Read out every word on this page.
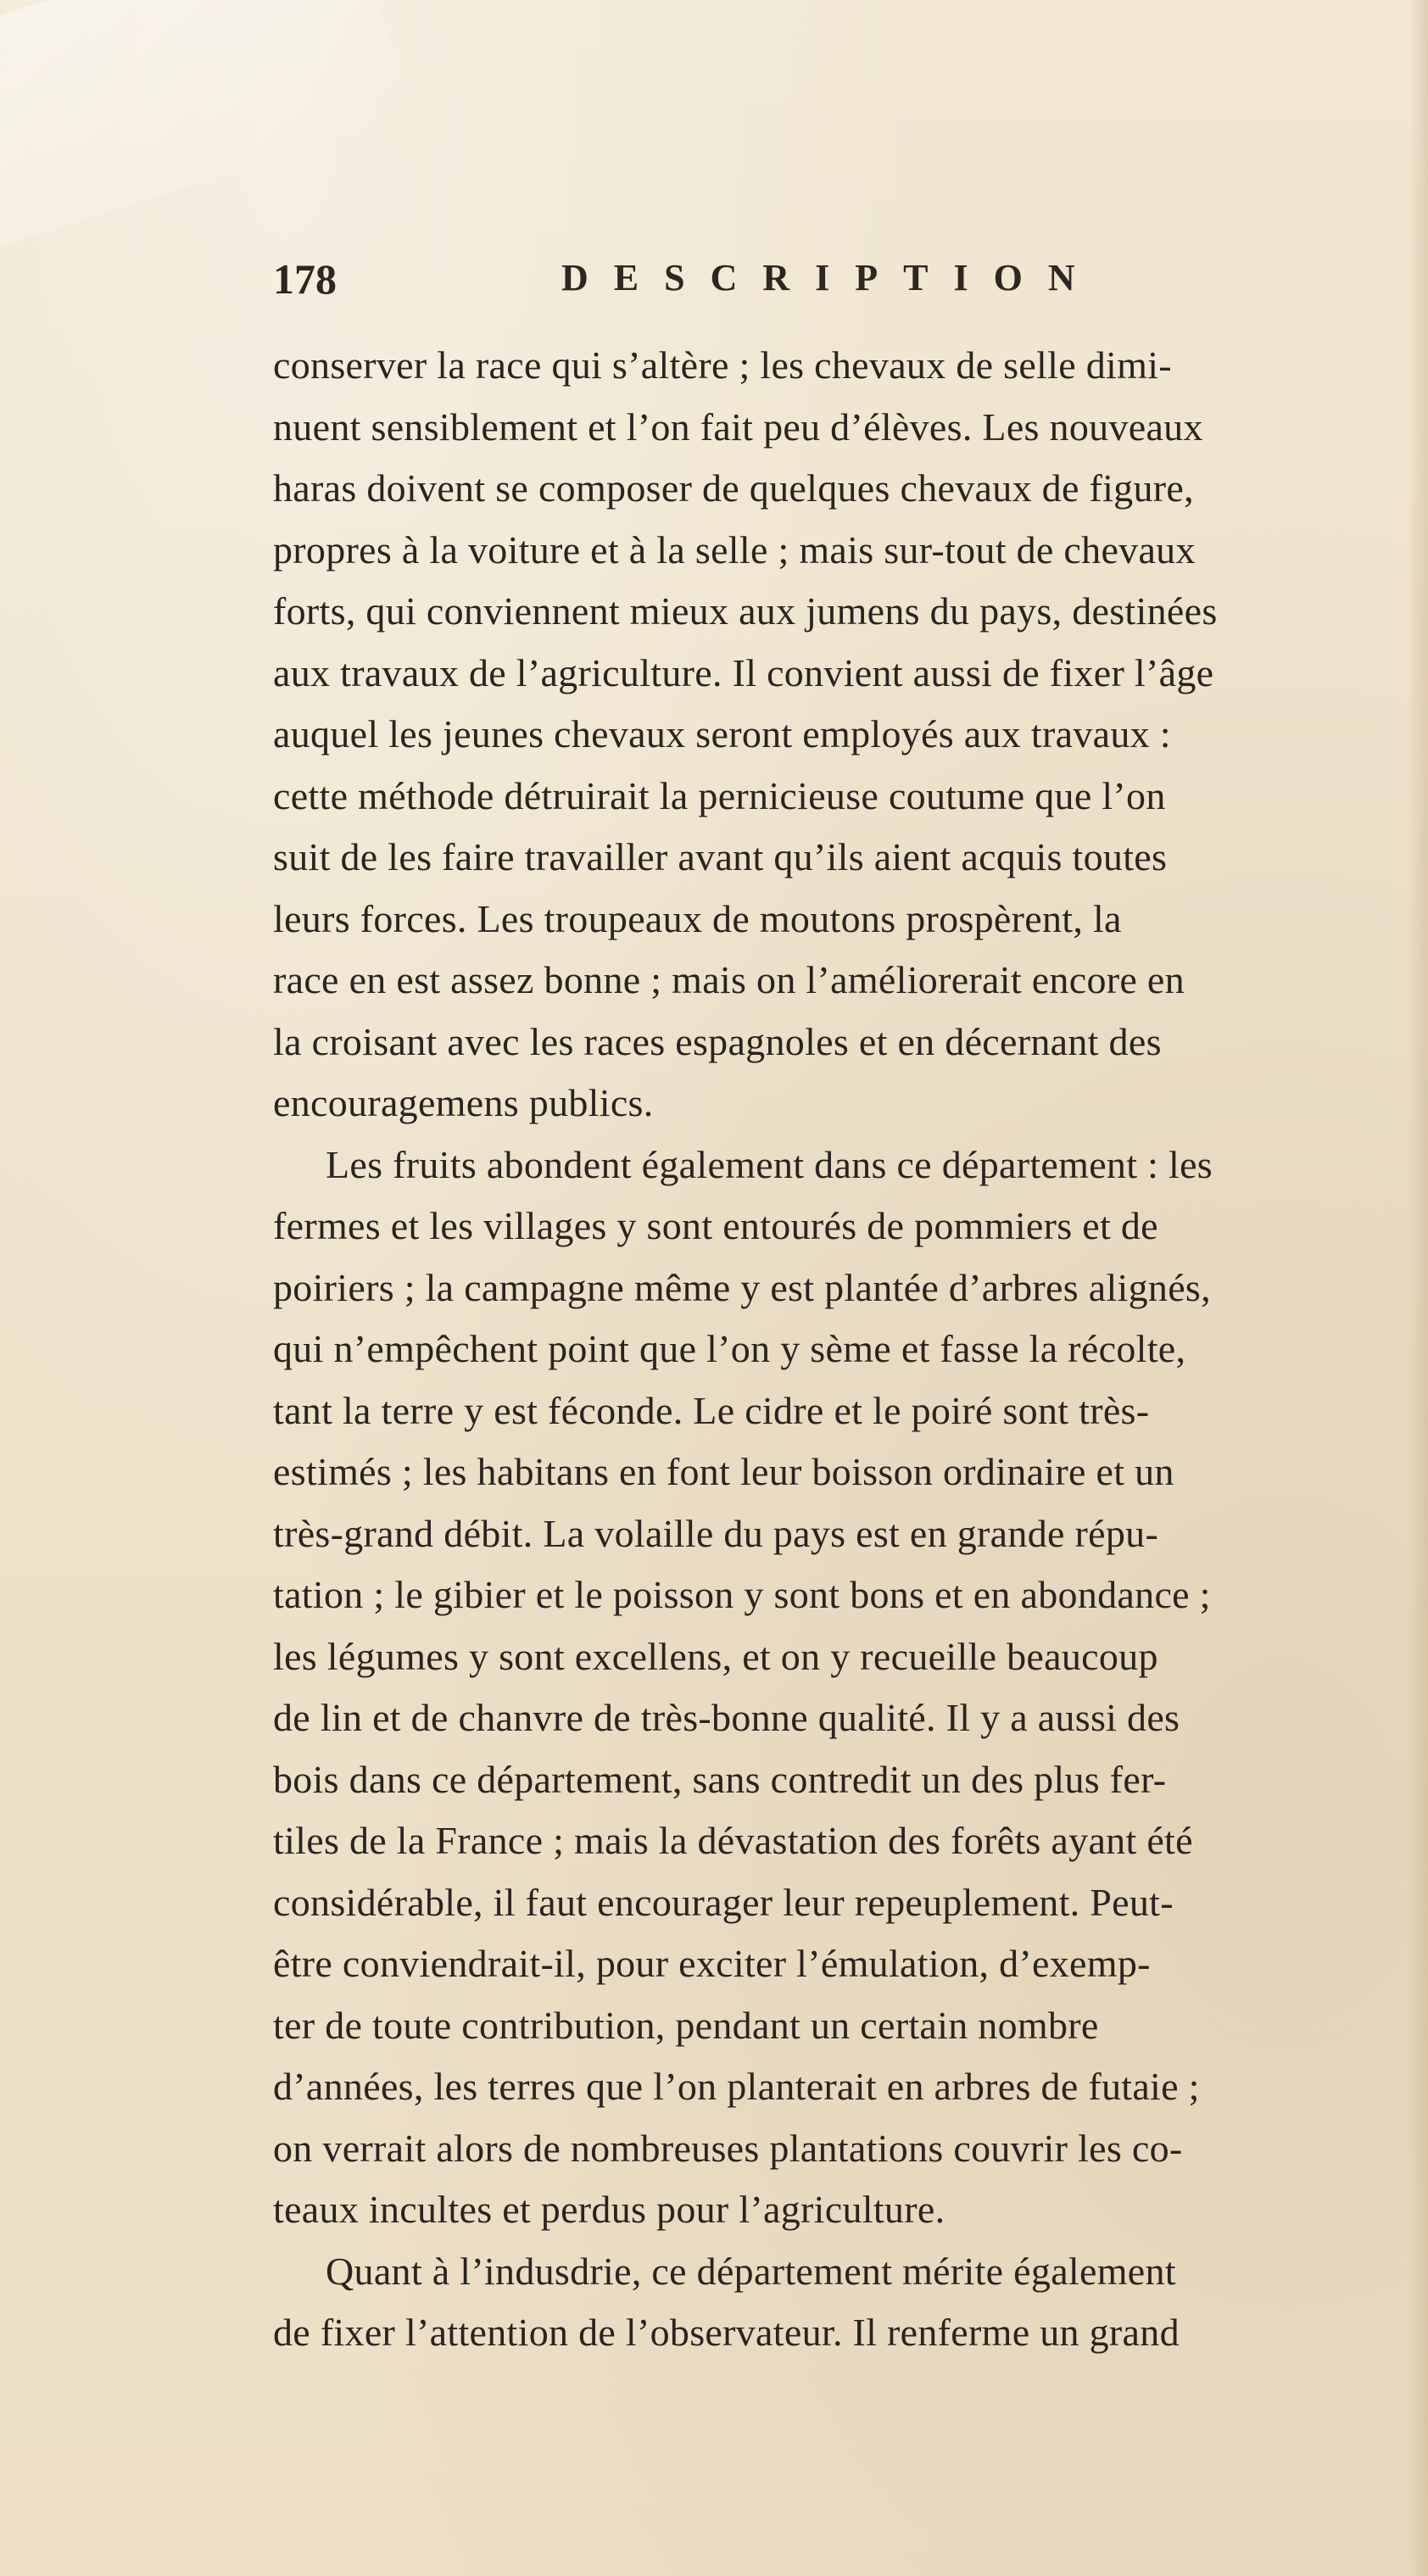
178	DESCRIPTION
conserver la race qui s’altère ; les chevaux de selle dimi-
nuent sensiblement et l’on fait peu d’élèves. Les nouveaux
haras doivent se composer de quelques chevaux de figure,
propres à la voiture et à la selle ; mais sur-tout de chevaux
forts, qui conviennent mieux aux jumens du pays, destinées
aux travaux de l’agriculture. Il convient aussi de fixer l’âge
auquel les jeunes chevaux seront employés aux travaux :
cette méthode détruirait la pernicieuse coutume que l’on
suit de les faire travailler avant qu’ils aient acquis toutes
leurs forces. Les troupeaux de moutons prospèrent, la
race en est assez bonne ; mais on l’améliorerait encore en
la croisant avec les races espagnoles et en décernant des
encouragemens publics.
Les fruits abondent également dans ce département : les
fermes et les villages y sont entourés de pommiers et de
poiriers ; la campagne même y est plantée d’arbres alignés,
qui n’empêchent point que l’on y sème et fasse la récolte,
tant la terre y est féconde. Le cidre et le poiré sont très-
estimés ; les habitans en font leur boisson ordinaire et un
très-grand débit. La volaille du pays est en grande répu-
tation ; le gibier et le poisson y sont bons et en abondance ;
les légumes y sont excellens, et on y recueille beaucoup
de lin et de chanvre de très-bonne qualité. Il y a aussi des
bois dans ce département, sans contredit un des plus fer-
tiles de la France ; mais la dévastation des forêts ayant été
considérable, il faut encourager leur repeuplement. Peut-
être conviendrait-il, pour exciter l’émulation, d’exemp-
ter de toute contribution, pendant un certain nombre
d’années, les terres que l’on planterait en arbres de futaie ;
on verrait alors de nombreuses plantations couvrir les co-
teaux incultes et perdus pour l’agriculture.
Quant à l’indusdrie, ce département mérite également
de fixer l’attention de l’observateur. Il renferme un grand
